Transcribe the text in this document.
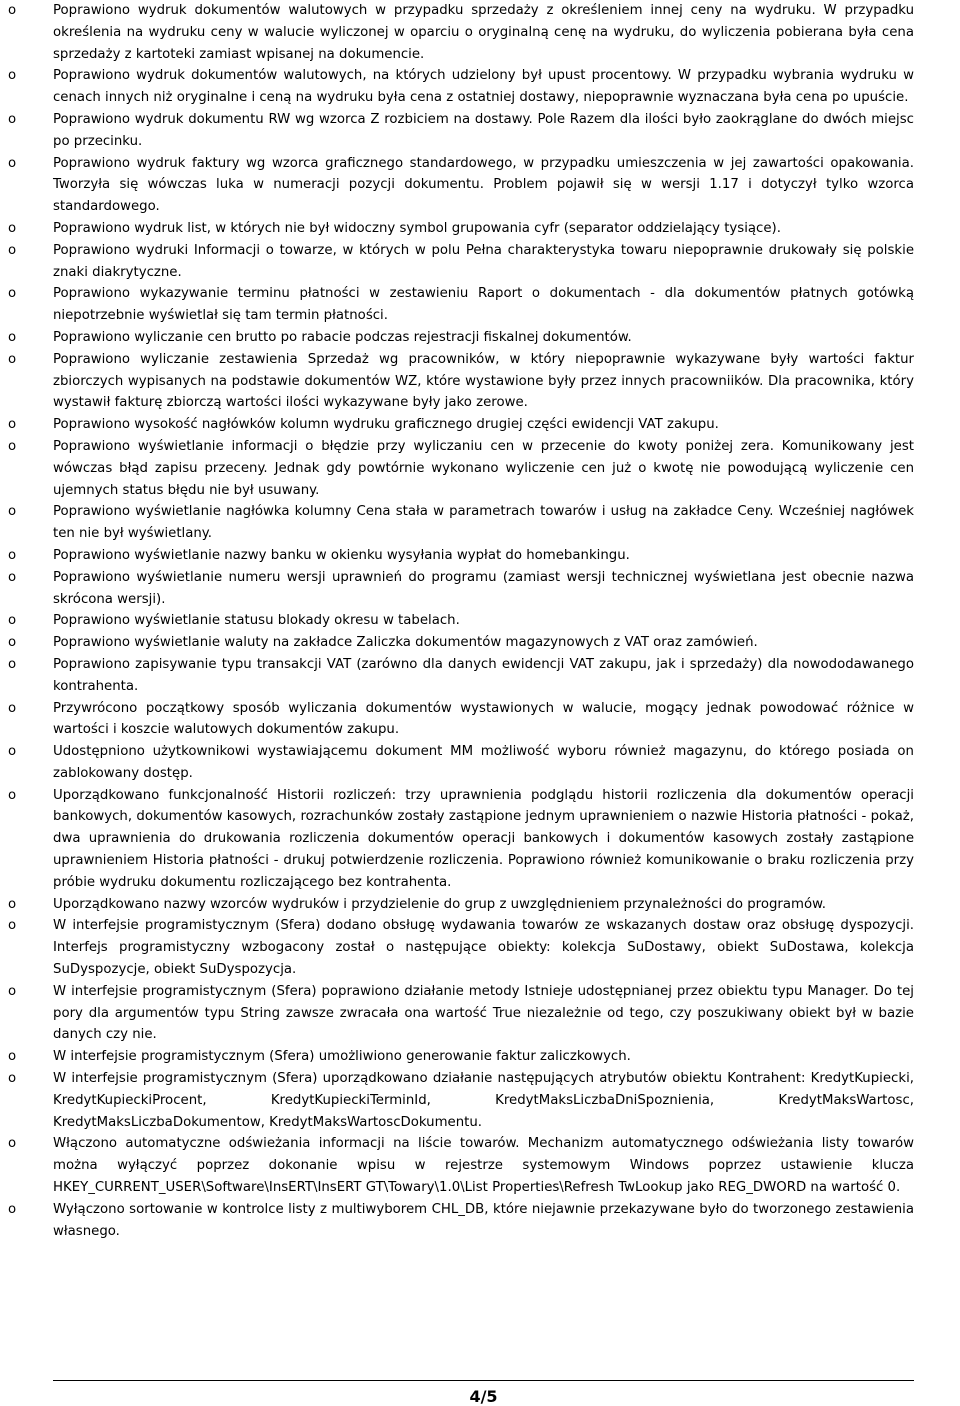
o	Poprawiono wydruk dokumentów walutowych w przypadku sprzedaży z określeniem innej ceny na wydruku. W przypadku określenia na wydruku ceny w walucie wyliczonej w oparciu o oryginalną cenę na wydruku, do wyliczenia pobierana była cena sprzedaży z kartoteki zamiast wpisanej na dokumencie.
o	Poprawiono wydruk dokumentów walutowych, na których udzielony był upust procentowy. W przypadku wybrania wydruku w cenach innych niż oryginalne i ceną na wydruku była cena z ostatniej dostawy, niepoprawnie wyznaczana była cena po upuście.
o	Poprawiono wydruk dokumentu RW wg wzorca Z rozbiciem na dostawy. Pole Razem dla ilości było zaokrąglane do dwóch miejsc po przecinku.
o	Poprawiono wydruk faktury wg wzorca graficznego standardowego, w przypadku umieszczenia w jej zawartości opakowania. Tworzyła się wówczas luka w numeracji pozycji dokumentu. Problem pojawił się w wersji 1.17 i dotyczył tylko wzorca standardowego.
o	Poprawiono wydruk list, w których nie był widoczny symbol grupowania cyfr (separator oddzielający tysiące).
o	Poprawiono wydruki Informacji o towarze, w których w polu Pełna charakterystyka towaru niepoprawnie drukowały się polskie znaki diakrytyczne.
o	Poprawiono wykazywanie terminu płatności w zestawieniu Raport o dokumentach - dla dokumentów płatnych gotówką niepotrzebnie wyświetlał się tam termin płatności.
o	Poprawiono wyliczanie cen brutto po rabacie podczas rejestracji fiskalnej dokumentów.
o	Poprawiono wyliczanie zestawienia Sprzedaż wg pracowników, w który niepoprawnie wykazywane były wartości faktur zbiorczych wypisanych na podstawie dokumentów WZ, które wystawione były przez innych pracowniików. Dla pracownika, który wystawił fakturę zbiorczą wartości ilości wykazywane były jako zerowe.
o	Poprawiono wysokość nagłówków kolumn wydruku graficznego drugiej części ewidencji VAT zakupu.
o	Poprawiono wyświetlanie informacji o błędzie przy wyliczaniu cen w przecenie do kwoty poniżej zera. Komunikowany jest wówczas błąd zapisu przeceny. Jednak gdy powtórnie wykonano wyliczenie cen już o kwotę nie powodującą wyliczenie cen ujemnych status błędu nie był usuwany.
o	Poprawiono wyświetlanie nagłówka kolumny Cena stała w parametrach towarów i usług na zakładce Ceny. Wcześniej nagłówek ten nie był wyświetlany.
o	Poprawiono wyświetlanie nazwy banku w okienku wysyłania wypłat do homebankingu.
o	Poprawiono wyświetlanie numeru wersji uprawnień do programu (zamiast wersji technicznej wyświetlana jest obecnie nazwa skrócona wersji).
o	Poprawiono wyświetlanie statusu blokady okresu w tabelach.
o	Poprawiono wyświetlanie waluty na zakładce Zaliczka dokumentów magazynowych z VAT oraz zamówień.
o	Poprawiono zapisywanie typu transakcji VAT (zarówno dla danych ewidencji VAT zakupu, jak i sprzedaży) dla nowododawanego kontrahenta.
o	Przywrócono początkowy sposób wyliczania dokumentów wystawionych w walucie, mogący jednak powodować różnice w wartości i koszcie walutowych dokumentów zakupu.
o	Udostępniono użytkownikowi wystawiającemu dokument MM możliwość wyboru również magazynu, do którego posiada on zablokowany dostęp.
o	Uporządkowano funkcjonalność Historii rozliczeń: trzy uprawnienia podglądu historii rozliczenia dla dokumentów operacji bankowych, dokumentów kasowych, rozrachunków zostały zastąpione jednym uprawnieniem o nazwie Historia płatności - pokaż, dwa uprawnienia do drukowania rozliczenia dokumentów operacji bankowych i dokumentów kasowych zostały zastąpione uprawnieniem Historia płatności - drukuj potwierdzenie rozliczenia. Poprawiono również komunikowanie o braku rozliczenia przy próbie wydruku dokumentu rozliczającego bez kontrahenta.
o	Uporządkowano nazwy wzorców wydruków i przydzielenie do grup z uwzględnieniem przynależności do programów.
o	W interfejsie programistycznym (Sfera) dodano obsługę wydawania towarów ze wskazanych dostaw oraz obsługę dyspozycji. Interfejs programistyczny wzbogacony został o następujące obiekty: kolekcja SuDostawy, obiekt SuDostawa, kolekcja SuDyspozycje, obiekt SuDyspozycja.
o	W interfejsie programistycznym (Sfera) poprawiono działanie metody Istnieje udostępnianej przez obiektu typu Manager. Do tej pory dla argumentów typu String zawsze zwracała ona wartość True niezależnie od tego, czy poszukiwany obiekt był w bazie danych czy nie.
o	W interfejsie programistycznym (Sfera) umożliwiono generowanie faktur zaliczkowych.
o	W interfejsie programistycznym (Sfera) uporządkowano działanie następujących atrybutów obiektu Kontrahent: KredytKupiecki, KredytKupieckiProcent, KredytKupieckiTerminId, KredytMaksLiczbaDniSpoznienia, KredytMaksWartosc, KredytMaksLiczbaDokumentow, KredytMaksWartoscDokumentu.
o	Włączono automatyczne odświeżania informacji na liście towarów. Mechanizm automatycznego odświeżania listy towarów można wyłączyć poprzez dokonanie wpisu w rejestrze systemowym Windows poprzez ustawienie klucza HKEY_CURRENT_USER\Software\InsERT\InsERT GT\Towary\1.0\List Properties\Refresh TwLookup jako REG_DWORD na wartość 0.
o	Wyłączono sortowanie w kontrolce listy z multiwyborem CHL_DB, które niejawnie przekazywane było do tworzonego zestawienia własnego.
4/5
